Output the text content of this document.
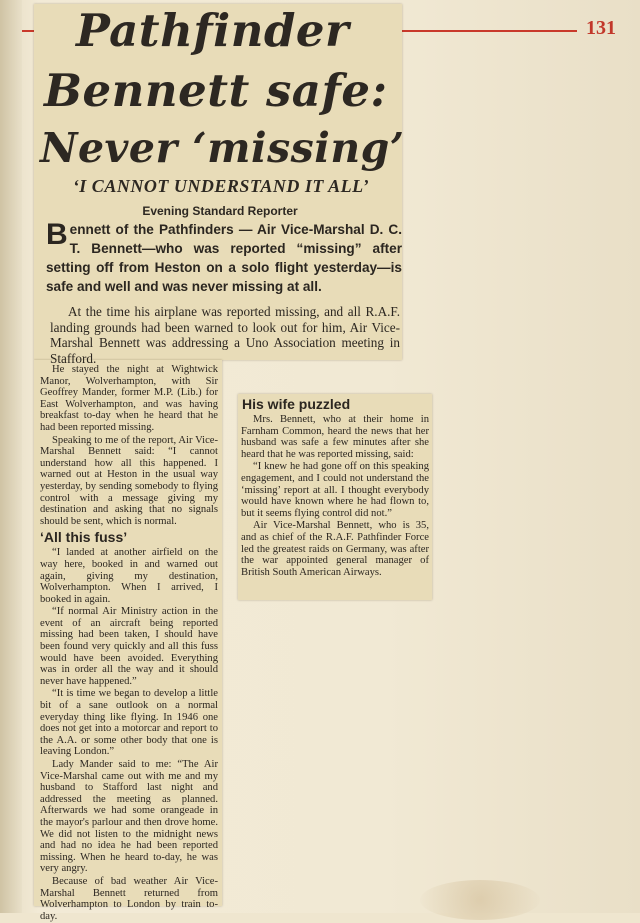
131
Pathfinder
Bennett safe:
Never ‘missing’
‘I CANNOT UNDERSTAND IT ALL’
Evening Standard Reporter
Bennett of the Pathfinders — Air Vice-Marshal D. C. T. Bennett—who was reported “missing” after setting off from Heston on a solo flight yesterday—is safe and well and was never missing at all.
At the time his airplane was reported missing, and all R.A.F. landing grounds had been warned to look out for him, Air Vice-Marshal Bennett was addressing a Uno Association meeting in Stafford.

He stayed the night at Wightwick Manor, Wolverhampton, with Sir Geoffrey Mander, former M.P. (Lib.) for East Wolverhampton, and was having breakfast to-day when he heard that he had been reported missing.

Speaking to me of the report, Air Vice-Marshal Bennett said: “I cannot understand how all this happened. I warned out at Heston in the usual way yesterday, by sending somebody to flying control with a message giving my destination and asking that no signals should be sent, which is normal.

‘All this fuss’

“I landed at another airfield on the way here, booked in and warned out again, giving my destination, Wolverhampton. When I arrived, I booked in again.

“If normal Air Ministry action in the event of an aircraft being reported missing had been taken, I should have been found very quickly and all this fuss would have been avoided. Everything was in order all the way and it should never have happened.”

“It is time we began to develop a little bit of a sane outlook on a normal everyday thing like flying. In 1946 one does not get into a motorcar and report to the A.A. or some other body that one is leaving London.”

Lady Mander said to me: “The Air Vice-Marshal came out with me and my husband to Stafford last night and addressed the meeting as planned. Afterwards we had some orangeade in the mayor's parlour and then drove home. We did not listen to the midnight news and had no idea he had been reported missing. When he heard to-day, he was very angry.

Because of bad weather Air Vice-Marshal Bennett returned from Wolverhampton to London by train to-day.

His wife puzzled

Mrs. Bennett, who at their home in Farnham Common, heard the news that her husband was safe a few minutes after she heard that he was reported missing, said:

“I knew he had gone off on this speaking engagement, and I could not understand the ‘missing’ report at all. I thought everybody would have known where he had flown to, but it seems flying control did not.”

Air Vice-Marshal Bennett, who is 35, and as chief of the R.A.F. Pathfinder Force led the greatest raids on Germany, was after the war appointed general manager of British South American Airways.
